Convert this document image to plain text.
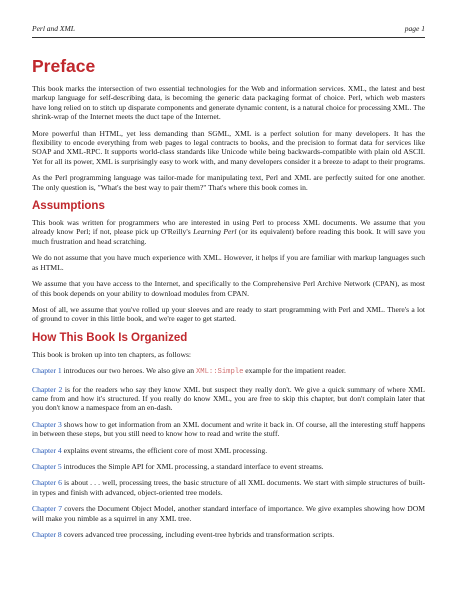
Perl and XML	page 1
Preface

This book marks the intersection of two essential technologies for the Web and information services. XML, the latest and best markup language for self-describing data, is becoming the generic data packaging format of choice. Perl, which web masters have long relied on to stitch up disparate components and generate dynamic content, is a natural choice for processing XML. The shrink-wrap of the Internet meets the duct tape of the Internet.

More powerful than HTML, yet less demanding than SGML, XML is a perfect solution for many developers. It has the flexibility to encode everything from web pages to legal contracts to books, and the precision to format data for services like SOAP and XML-RPC. It supports world-class standards like Unicode while being backwards-compatible with plain old ASCII. Yet for all its power, XML is surprisingly easy to work with, and many developers consider it a breeze to adapt to their programs.

As the Perl programming language was tailor-made for manipulating text, Perl and XML are perfectly suited for one another. The only question is, "What's the best way to pair them?" That's where this book comes in.

Assumptions

This book was written for programmers who are interested in using Perl to process XML documents. We assume that you already know Perl; if not, please pick up O'Reilly's Learning Perl (or its equivalent) before reading this book. It will save you much frustration and head scratching.

We do not assume that you have much experience with XML. However, it helps if you are familiar with markup languages such as HTML.

We assume that you have access to the Internet, and specifically to the Comprehensive Perl Archive Network (CPAN), as most of this book depends on your ability to download modules from CPAN.

Most of all, we assume that you've rolled up your sleeves and are ready to start programming with Perl and XML. There's a lot of ground to cover in this little book, and we're eager to get started.

How This Book Is Organized

This book is broken up into ten chapters, as follows:

Chapter 1 introduces our two heroes. We also give an XML::Simple example for the impatient reader.

Chapter 2 is for the readers who say they know XML but suspect they really don't. We give a quick summary of where XML came from and how it's structured. If you really do know XML, you are free to skip this chapter, but don't complain later that you don't know a namespace from an en-dash.

Chapter 3 shows how to get information from an XML document and write it back in. Of course, all the interesting stuff happens in between these steps, but you still need to know how to read and write the stuff.

Chapter 4 explains event streams, the efficient core of most XML processing.

Chapter 5 introduces the Simple API for XML processing, a standard interface to event streams.

Chapter 6 is about . . . well, processing trees, the basic structure of all XML documents. We start with simple structures of built-in types and finish with advanced, object-oriented tree models.

Chapter 7 covers the Document Object Model, another standard interface of importance. We give examples showing how DOM will make you nimble as a squirrel in any XML tree.

Chapter 8 covers advanced tree processing, including event-tree hybrids and transformation scripts.
